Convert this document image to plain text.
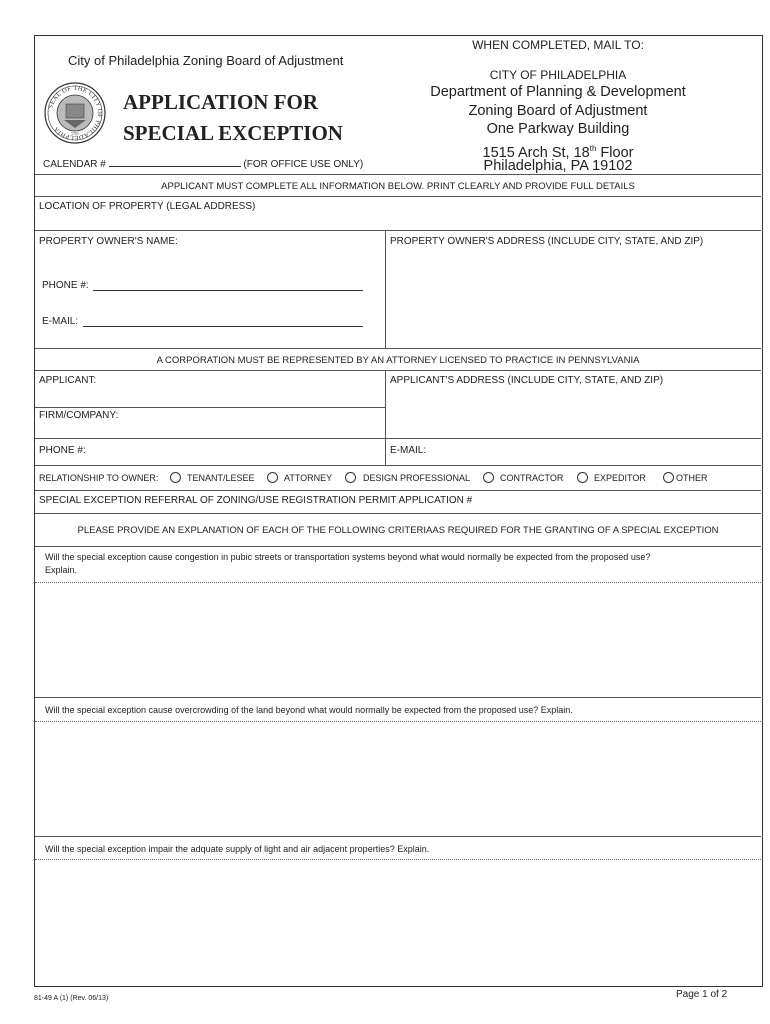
City of Philadelphia Zoning Board of Adjustment
SEAL OF THE CITY OF PHILADELPHIA	1701
APPLICATION FOR
SPECIAL EXCEPTION
CALENDAR #	(FOR OFFICE USE ONLY)
WHEN COMPLETED, MAIL TO:
CITY OF PHILADELPHIA
Department of Planning & Development
Zoning Board of Adjustment
One Parkway Building
1515 Arch St, 18th Floor
Philadelphia, PA 19102
APPLICANT MUST COMPLETE ALL INFORMATION BELOW. PRINT CLEARLY AND PROVIDE FULL DETAILS
LOCATION OF PROPERTY (LEGAL ADDRESS)
PROPERTY OWNER'S NAME:	PROPERTY OWNER'S ADDRESS (INCLUDE CITY, STATE, AND ZIP)
PHONE #:
E-MAIL:
A CORPORATION MUST BE REPRESENTED BY AN ATTORNEY LICENSED TO PRACTICE IN PENNSYLVANIA
APPLICANT:	APPLICANT'S ADDRESS (INCLUDE CITY, STATE, AND ZIP)
FIRM/COMPANY:
PHONE #:	E-MAIL:
RELATIONSHIP TO OWNER:	TENANT/LESEE	ATTORNEY	DESIGN PROFESSIONAL	CONTRACTOR	EXPEDITOR	OTHER
SPECIAL EXCEPTION REFERRAL OF ZONING/USE REGISTRATION PERMIT APPLICATION #
PLEASE PROVIDE AN EXPLANATION OF EACH OF THE FOLLOWING CRITERIAAS REQUIRED FOR THE GRANTING OF A SPECIAL EXCEPTION
Will the special exception cause congestion in pubic streets or transportation systems beyond what would normally be expected from the proposed use?
Explain.
Will the special exception cause overcrowding of the land beyond what would normally be expected from the proposed use? Explain.
Will the special exception impair the adquate supply of light and air adjacent properties? Explain.
81-49 A (1) (Rev. 06/13)	Page 1 of 2
